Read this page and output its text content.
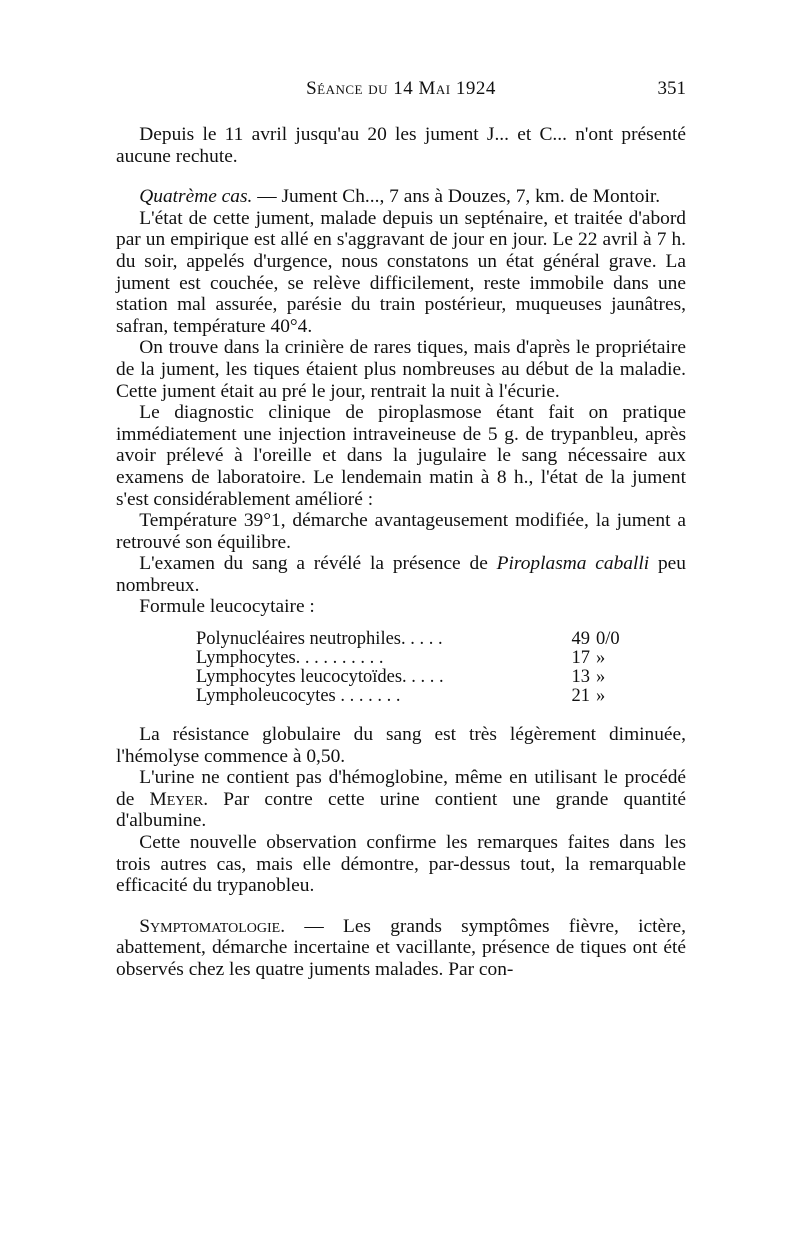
Séance du 14 Mai 1924	351

Depuis le 11 avril jusqu'au 20 les jument J... et C... n'ont présenté aucune rechute.

Quatrème cas. — Jument Ch..., 7 ans à Douzes, 7, km. de Montoir.

L'état de cette jument, malade depuis un septénaire, et traitée d'abord par un empirique est allé en s'aggravant de jour en jour. Le 22 avril à 7 h. du soir, appelés d'urgence, nous constatons un état général grave. La jument est couchée, se relève difficilement, reste immobile dans une station mal assurée, parésie du train postérieur, muqueuses jaunâtres, safran, température 40°4.

On trouve dans la crinière de rares tiques, mais d'après le propriétaire de la jument, les tiques étaient plus nombreuses au début de la maladie. Cette jument était au pré le jour, rentrait la nuit à l'écurie.

Le diagnostic clinique de piroplasmose étant fait on pratique immédiatement une injection intraveineuse de 5 g. de trypanbleu, après avoir prélevé à l'oreille et dans la jugulaire le sang nécessaire aux examens de laboratoire. Le lendemain matin à 8 h., l'état de la jument s'est considérablement amélioré :

Température 39°1, démarche avantageusement modifiée, la jument a retrouvé son équilibre.

L'examen du sang a révélé la présence de Piroplasma caballi peu nombreux.

Formule leucocytaire :

Polynucléaires neutrophiles. . . . .	49	0/0
Lymphocytes. . . . . . . . . .	17	»
Lymphocytes leucocytoïdes. . . . .	13	»
Lympholeucocytes . . . . . . .	21	»

La résistance globulaire du sang est très légèrement diminuée, l'hémolyse commence à 0,50.

L'urine ne contient pas d'hémoglobine, même en utilisant le procédé de Meyer. Par contre cette urine contient une grande quantité d'albumine.

Cette nouvelle observation confirme les remarques faites dans les trois autres cas, mais elle démontre, par-dessus tout, la remarquable efficacité du trypanobleu.

Symptomatologie. — Les grands symptômes fièvre, ictère, abattement, démarche incertaine et vacillante, présence de tiques ont été observés chez les quatre juments malades. Par con-
